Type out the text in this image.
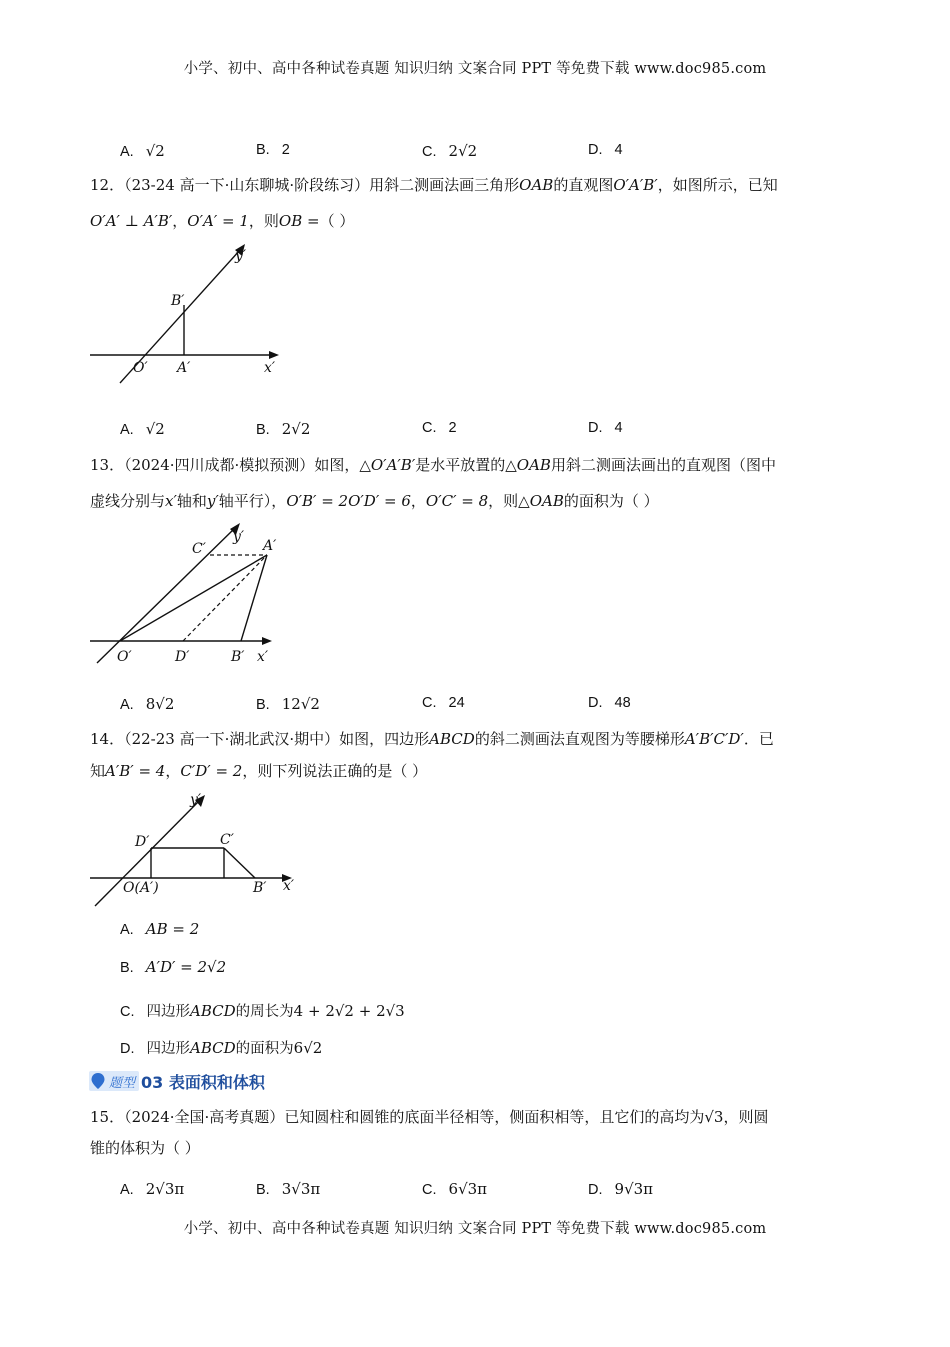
小学、初中、高中各种试卷真题 知识归纳 文案合同 PPT 等免费下载 www.doc985.com
A. √2	B. 2	C. 2√2	D. 4
12．（23-24 高一下·山东聊城·阶段练习）用斜二测画法画三角形OAB的直观图O′A′B′，如图所示，已知
O′A′ ⊥ A′B′，O′A′ = 1，则OB =（ ）
y′
B′
O′ A′	x′
A. √2	B. 2√2	C. 2	D. 4
13．（2024·四川成都·模拟预测）如图，△O′A′B′是水平放置的△OAB用斜二测画法画出的直观图（图中
虚线分别与x′轴和y′轴平行），O′B′ = 2O′D′ = 6，O′C′ = 8，则△OAB的面积为（ ）
C′
y′
A′
O′	D′	B′ x′
A. 8√2	B. 12√2	C. 24	D. 48
14．（22-23 高一下·湖北武汉·期中）如图，四边形ABCD的斜二测画法直观图为等腰梯形A′B′C′D′．已
知A′B′ = 4，C′D′ = 2，则下列说法正确的是（ ）
y′
D′	C′
O(A′)	B′ x′
A. AB = 2
B. A′D′ = 2√2
C. 四边形ABCD的周长为4 + 2√2 + 2√3
D. 四边形ABCD的面积为6√2
题型 03 表面积和体积
15．（2024·全国·高考真题）已知圆柱和圆锥的底面半径相等，侧面积相等，且它们的高均为√3，则圆
锥的体积为（ ）
A. 2√3π	B. 3√3π	C. 6√3π	D. 9√3π
小学、初中、高中各种试卷真题 知识归纳 文案合同 PPT 等免费下载 www.doc985.com
